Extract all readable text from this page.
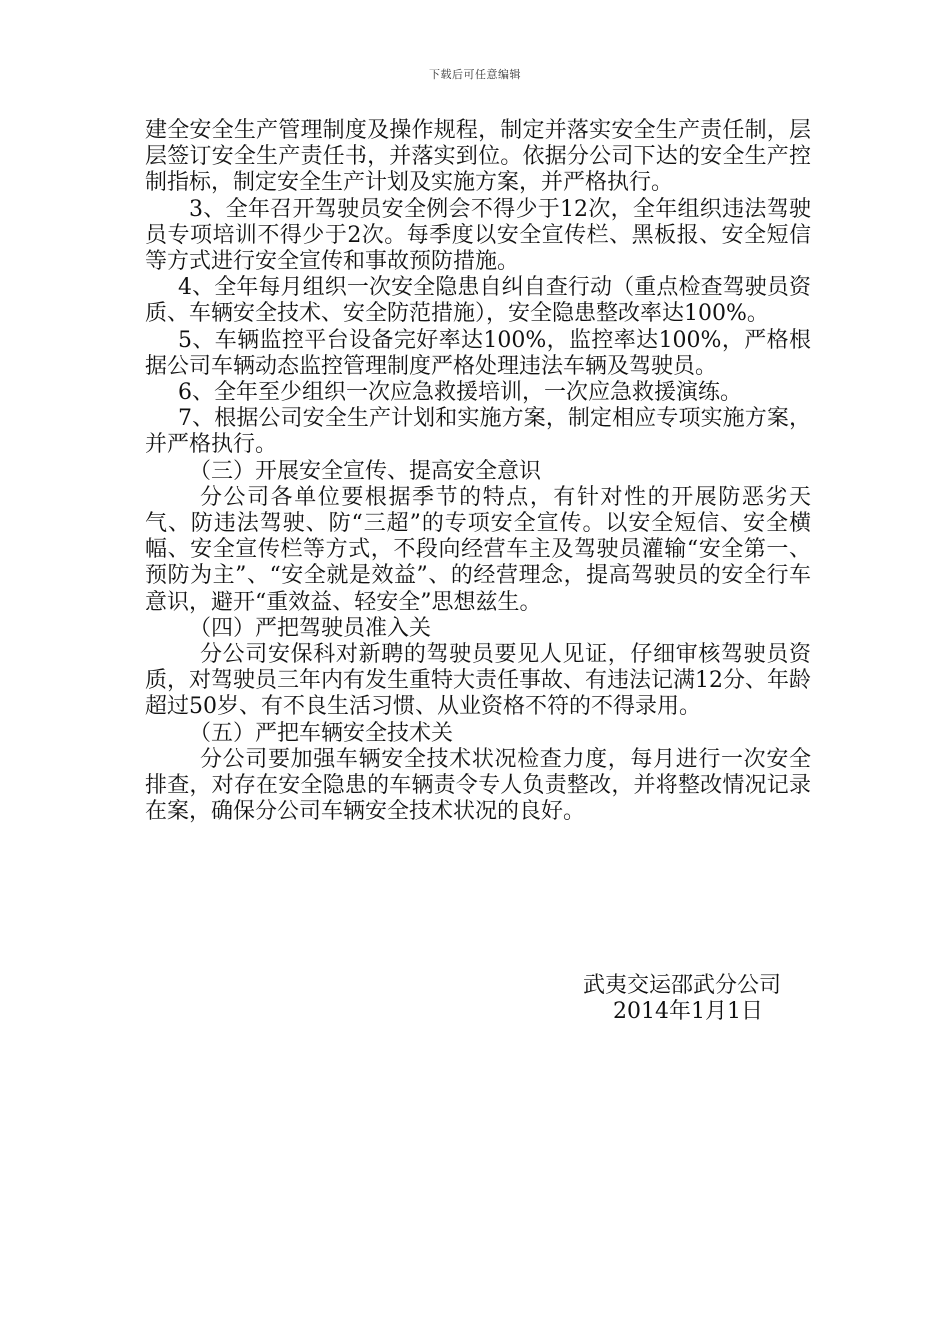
下载后可任意编辑

建全安全生产管理制度及操作规程，制定并落实安全生产责任制，层层签订安全生产责任书，并落实到位。依据分公司下达的安全生产控制指标，制定安全生产计划及实施方案，并严格执行。

3、全年召开驾驶员安全例会不得少于12次，全年组织违法驾驶员专项培训不得少于2次。每季度以安全宣传栏、黑板报、安全短信等方式进行安全宣传和事故预防措施。

4、全年每月组织一次安全隐患自纠自查行动（重点检查驾驶员资质、车辆安全技术、安全防范措施），安全隐患整改率达100%。

5、车辆监控平台设备完好率达100%，监控率达100%，严格根据公司车辆动态监控管理制度严格处理违法车辆及驾驶员。

6、全年至少组织一次应急救援培训，一次应急救援演练。

7、根据公司安全生产计划和实施方案，制定相应专项实施方案，并严格执行。

（三）开展安全宣传、提高安全意识

分公司各单位要根据季节的特点，有针对性的开展防恶劣天气、防违法驾驶、防“三超”的专项安全宣传。以安全短信、安全横幅、安全宣传栏等方式，不段向经营车主及驾驶员灌输“安全第一、预防为主”、“安全就是效益”、的经营理念，提高驾驶员的安全行车意识，避开“重效益、轻安全”思想兹生。

（四）严把驾驶员准入关

分公司安保科对新聘的驾驶员要见人见证，仔细审核驾驶员资质，对驾驶员三年内有发生重特大责任事故、有违法记满12分、年龄超过50岁、有不良生活习惯、从业资格不符的不得录用。

（五）严把车辆安全技术关

分公司要加强车辆安全技术状况检查力度，每月进行一次安全排查，对存在安全隐患的车辆责令专人负责整改，并将整改情况记录在案，确保分公司车辆安全技术状况的良好。

武夷交运邵武分公司
2014年1月1日
